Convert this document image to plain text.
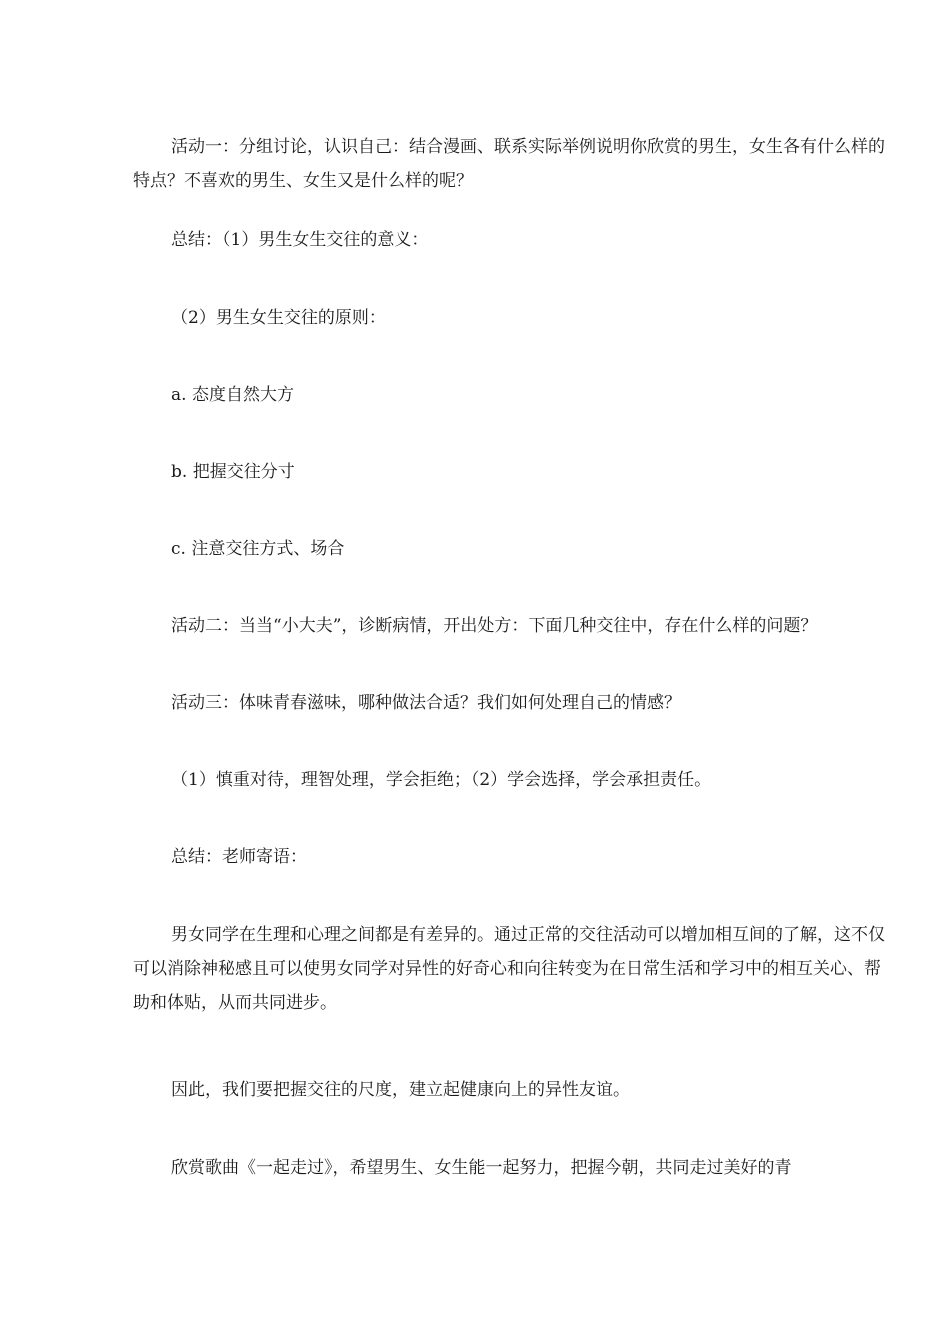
活动一：分组讨论，认识自己：结合漫画、联系实际举例说明你欣赏的男生，女生各有什么样的特点？不喜欢的男生、女生又是什么样的呢？

总结：（1）男生女生交往的意义：

（2）男生女生交往的原则：

a. 态度自然大方

b. 把握交往分寸

c. 注意交往方式、场合

活动二：当当“小大夫”，诊断病情，开出处方：下面几种交往中，存在什么样的问题？

活动三：体味青春滋味，哪种做法合适？我们如何处理自己的情感？

（1）慎重对待，理智处理，学会拒绝；（2）学会选择，学会承担责任。

总结：老师寄语：

男女同学在生理和心理之间都是有差异的。通过正常的交往活动可以增加相互间的了解，这不仅可以消除神秘感且可以使男女同学对异性的好奇心和向往转变为在日常生活和学习中的相互关心、帮助和体贴，从而共同进步。

因此，我们要把握交往的尺度，建立起健康向上的异性友谊。

欣赏歌曲《一起走过》，希望男生、女生能一起努力，把握今朝，共同走过美好的青
